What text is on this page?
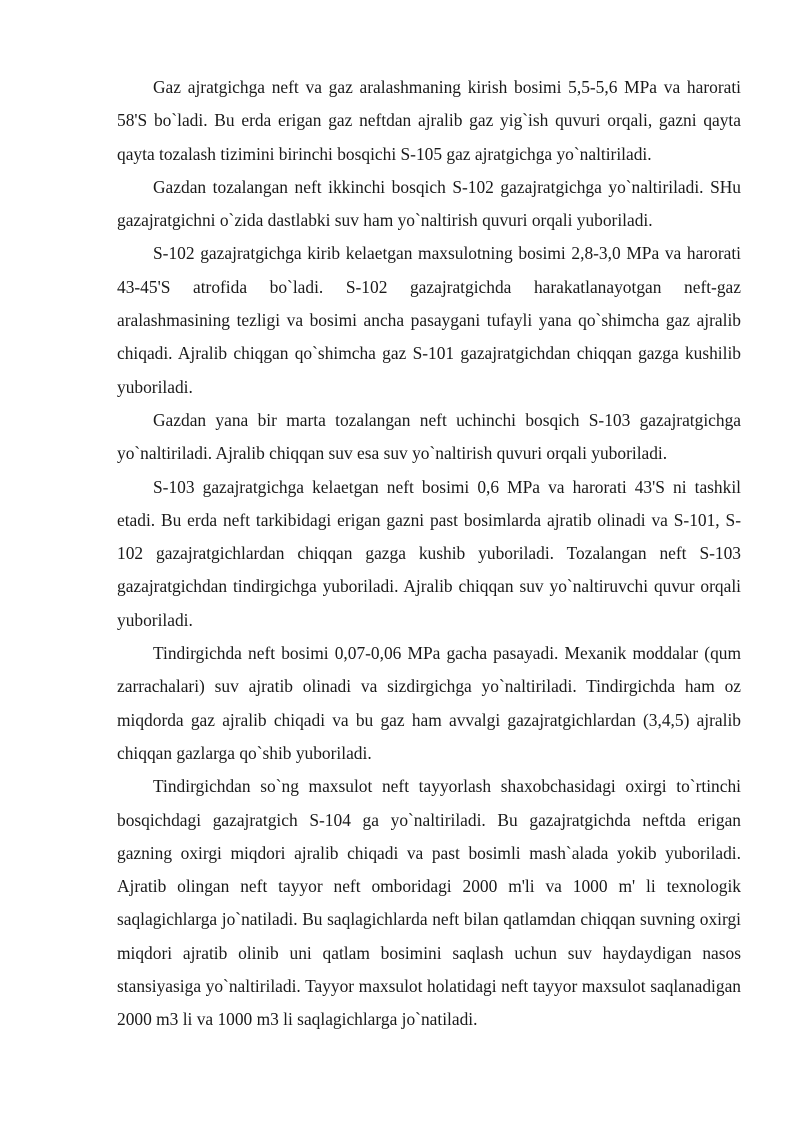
Gaz ajratgichga neft va gaz aralashmaning kirish bosimi 5,5-5,6 MPa va harorati 58'S bo`ladi. Bu erda erigan gaz neftdan ajralib gaz yig`ish quvuri orqali, gazni qayta qayta tozalash tizimini birinchi bosqichi S-105 gaz ajratgichga yo`naltiriladi.

Gazdan tozalangan neft ikkinchi bosqich S-102 gazajratgichga yo`naltiriladi. SHu gazajratgichni o`zida dastlabki suv ham yo`naltirish quvuri orqali yuboriladi.

S-102 gazajratgichga kirib kelaetgan maxsulotning bosimi 2,8-3,0 MPa va harorati 43-45'S atrofida bo`ladi. S-102 gazajratgichda harakatlanayotgan neft-gaz aralashmasining tezligi va bosimi ancha pasaygani tufayli yana qo`shimcha gaz ajralib chiqadi. Ajralib chiqgan qo`shimcha gaz S-101 gazajratgichdan chiqqan gazga kushilib yuboriladi.

Gazdan yana bir marta tozalangan neft uchinchi bosqich S-103 gazajratgichga yo`naltiriladi. Ajralib chiqqan suv esa suv yo`naltirish quvuri orqali yuboriladi.

S-103 gazajratgichga kelaetgan neft bosimi 0,6 MPa va harorati 43'S ni tashkil etadi. Bu erda neft tarkibidagi erigan gazni past bosimlarda ajratib olinadi va S-101, S-102 gazajratgichlardan chiqqan gazga kushib yuboriladi. Tozalangan neft S-103 gazajratgichdan tindirgichga yuboriladi. Ajralib chiqqan suv yo`naltiruvchi quvur orqali yuboriladi.

Tindirgichda neft bosimi 0,07-0,06 MPa gacha pasayadi. Mexanik moddalar (qum zarrachalari) suv ajratib olinadi va sizdirgichga yo`naltiriladi. Tindirgichda ham oz miqdorda gaz ajralib chiqadi va bu gaz ham avvalgi gazajratgichlardan (3,4,5) ajralib chiqqan gazlarga qo`shib yuboriladi.

Tindirgichdan so`ng maxsulot neft tayyorlash shaxobchasidagi oxirgi to`rtinchi bosqichdagi gazajratgich S-104 ga yo`naltiriladi. Bu gazajratgichda neftda erigan gazning oxirgi miqdori ajralib chiqadi va past bosimli mash`alada yokib yuboriladi. Ajratib olingan neft tayyor neft omboridagi 2000 m'li va 1000 m' li texnologik saqlagichlarga jo`natiladi. Bu saqlagichlarda neft bilan qatlamdan chiqqan suvning oxirgi miqdori ajratib olinib uni qatlam bosimini saqlash uchun suv haydaydigan nasos stansiyasiga yo`naltiriladi. Tayyor maxsulot holatidagi neft tayyor maxsulot saqlanadigan 2000 m3 li va 1000 m3 li saqlagichlarga jo`natiladi.
